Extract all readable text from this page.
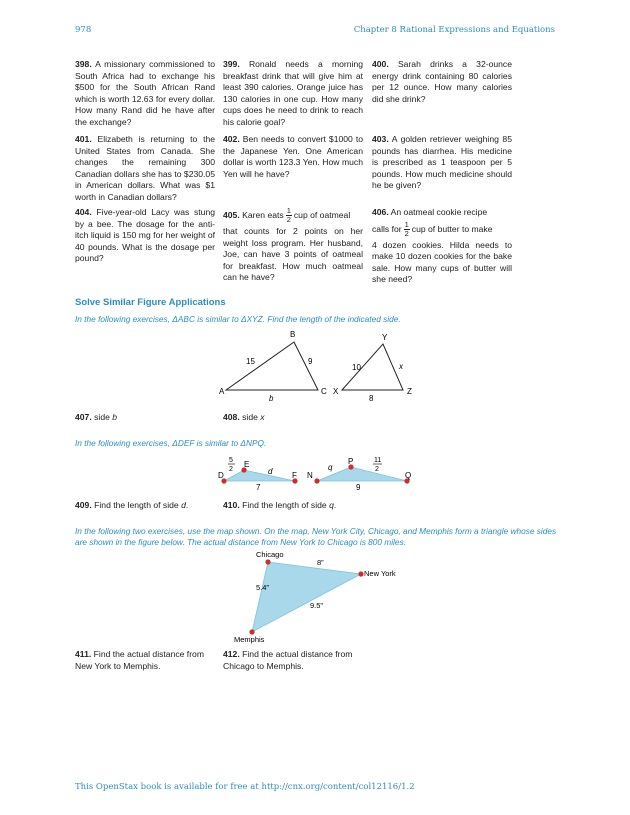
978	Chapter 8 Rational Expressions and Equations
398. A missionary commissioned to South Africa had to exchange his $500 for the South African Rand which is worth 12.63 for every dollar. How many Rand did he have after the exchange?
399. Ronald needs a morning breakfast drink that will give him at least 390 calories. Orange juice has 130 calories in one cup. How many cups does he need to drink to reach his calorie goal?
400. Sarah drinks a 32-ounce energy drink containing 80 calories per 12 ounce. How many calories did she drink?
401. Elizabeth is returning to the United States from Canada. She changes the remaining 300 Canadian dollars she has to $230.05 in American dollars. What was $1 worth in Canadian dollars?
402. Ben needs to convert $1000 to the Japanese Yen. One American dollar is worth 123.3 Yen. How much Yen will he have?
403. A golden retriever weighing 85 pounds has diarrhea. His medicine is prescribed as 1 teaspoon per 5 pounds. How much medicine should he be given?
404. Five-year-old Lacy was stung by a bee. The dosage for the anti-itch liquid is 150 mg for her weight of 40 pounds. What is the dosage per pound?
405. Karen eats $\frac{1}{2}$ cup of oatmeal
that counts for 2 points on her weight loss program. Her husband, Joe, can have 3 points of oatmeal for breakfast. How much oatmeal can he have?
406. An oatmeal cookie recipe
calls for $\frac{1}{2}$ cup of butter to make
4 dozen cookies. Hilda needs to make 10 dozen cookies for the bake sale. How many cups of butter will she need?
Solve Similar Figure Applications
In the following exercises, ΔABC is similar to ΔXYZ. Find the length of the indicated side.
A
B
C
15	9
b
X
Y
Z
10	x
8
407. side b	408. side x
In the following exercises, ΔDEF is similar to ΔNPQ.
D
E
F N
P
Q
5
2	d
7
q
11
2
9
409. Find the length of side d.	410. Find the length of side q.
In the following two exercises, use the map shown. On the map, New York City, Chicago, and Memphis form a triangle whose sides are shown in the figure below. The actual distance from New York to Chicago is 800 miles.
Chicago
New York
Memphis
8”
5.4”
9.5”
411. Find the actual distance from New York to Memphis.
412. Find the actual distance from Chicago to Memphis.
This OpenStax book is available for free at http://cnx.org/content/col12116/1.2
